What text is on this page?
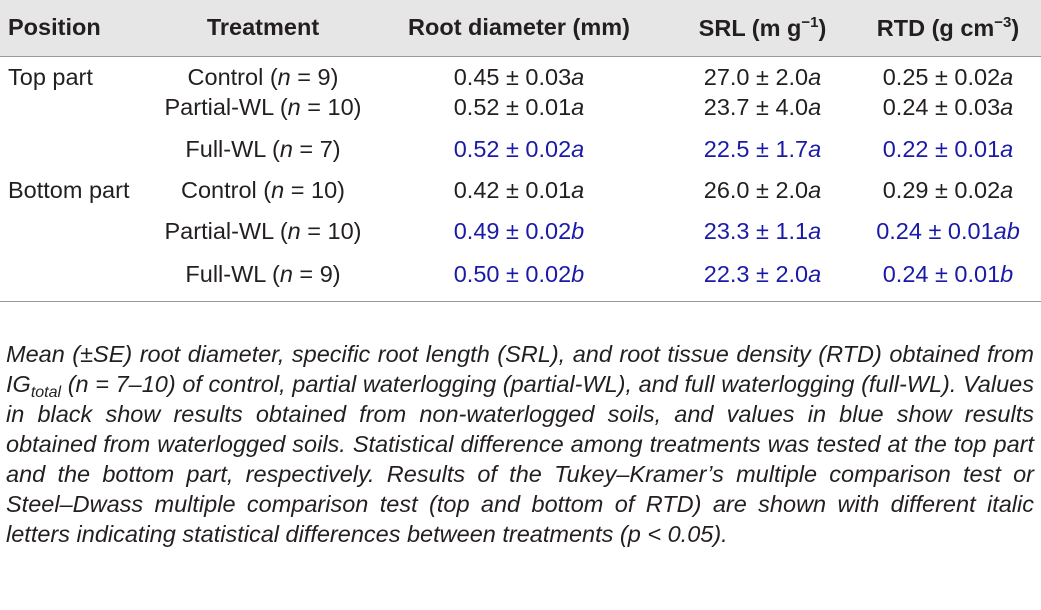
Position	Treatment	Root diameter (mm)	SRL (m $g^{-1}$)	RTD (g $cm^{-3}$)

Top part	Control (n = 9)	0.45 ± 0.03a	27.0 ± 2.0a	0.25 ± 0.02a
	Partial-WL (n = 10)	0.52 ± 0.01a	23.7 ± 4.0a	0.24 ± 0.03a
	Full-WL (n = 7)	0.52 ± 0.02a	22.5 ± 1.7a	0.22 ± 0.01a
Bottom part	Control (n = 10)	0.42 ± 0.01a	26.0 ± 2.0a	0.29 ± 0.02a
	Partial-WL (n = 10)	0.49 ± 0.02b	23.3 ± 1.1a	0.24 ± 0.01ab
	Full-WL (n = 9)	0.50 ± 0.02b	22.3 ± 2.0a	0.24 ± 0.01b

Mean (±SE) root diameter, specific root length (SRL), and root tissue density (RTD) obtained from $IG_{total}$ (n = 7–10) of control, partial waterlogging (partial-WL), and full waterlogging (full-WL). Values in black show results obtained from non-waterlogged soils, and values in blue show results obtained from waterlogged soils. Statistical difference among treatments was tested at the top part and the bottom part, respectively. Results of the Tukey–Kramer’s multiple comparison test or Steel–Dwass multiple comparison test (top and bottom of RTD) are shown with different italic letters indicating statistical differences between treatments (p < 0.05).
